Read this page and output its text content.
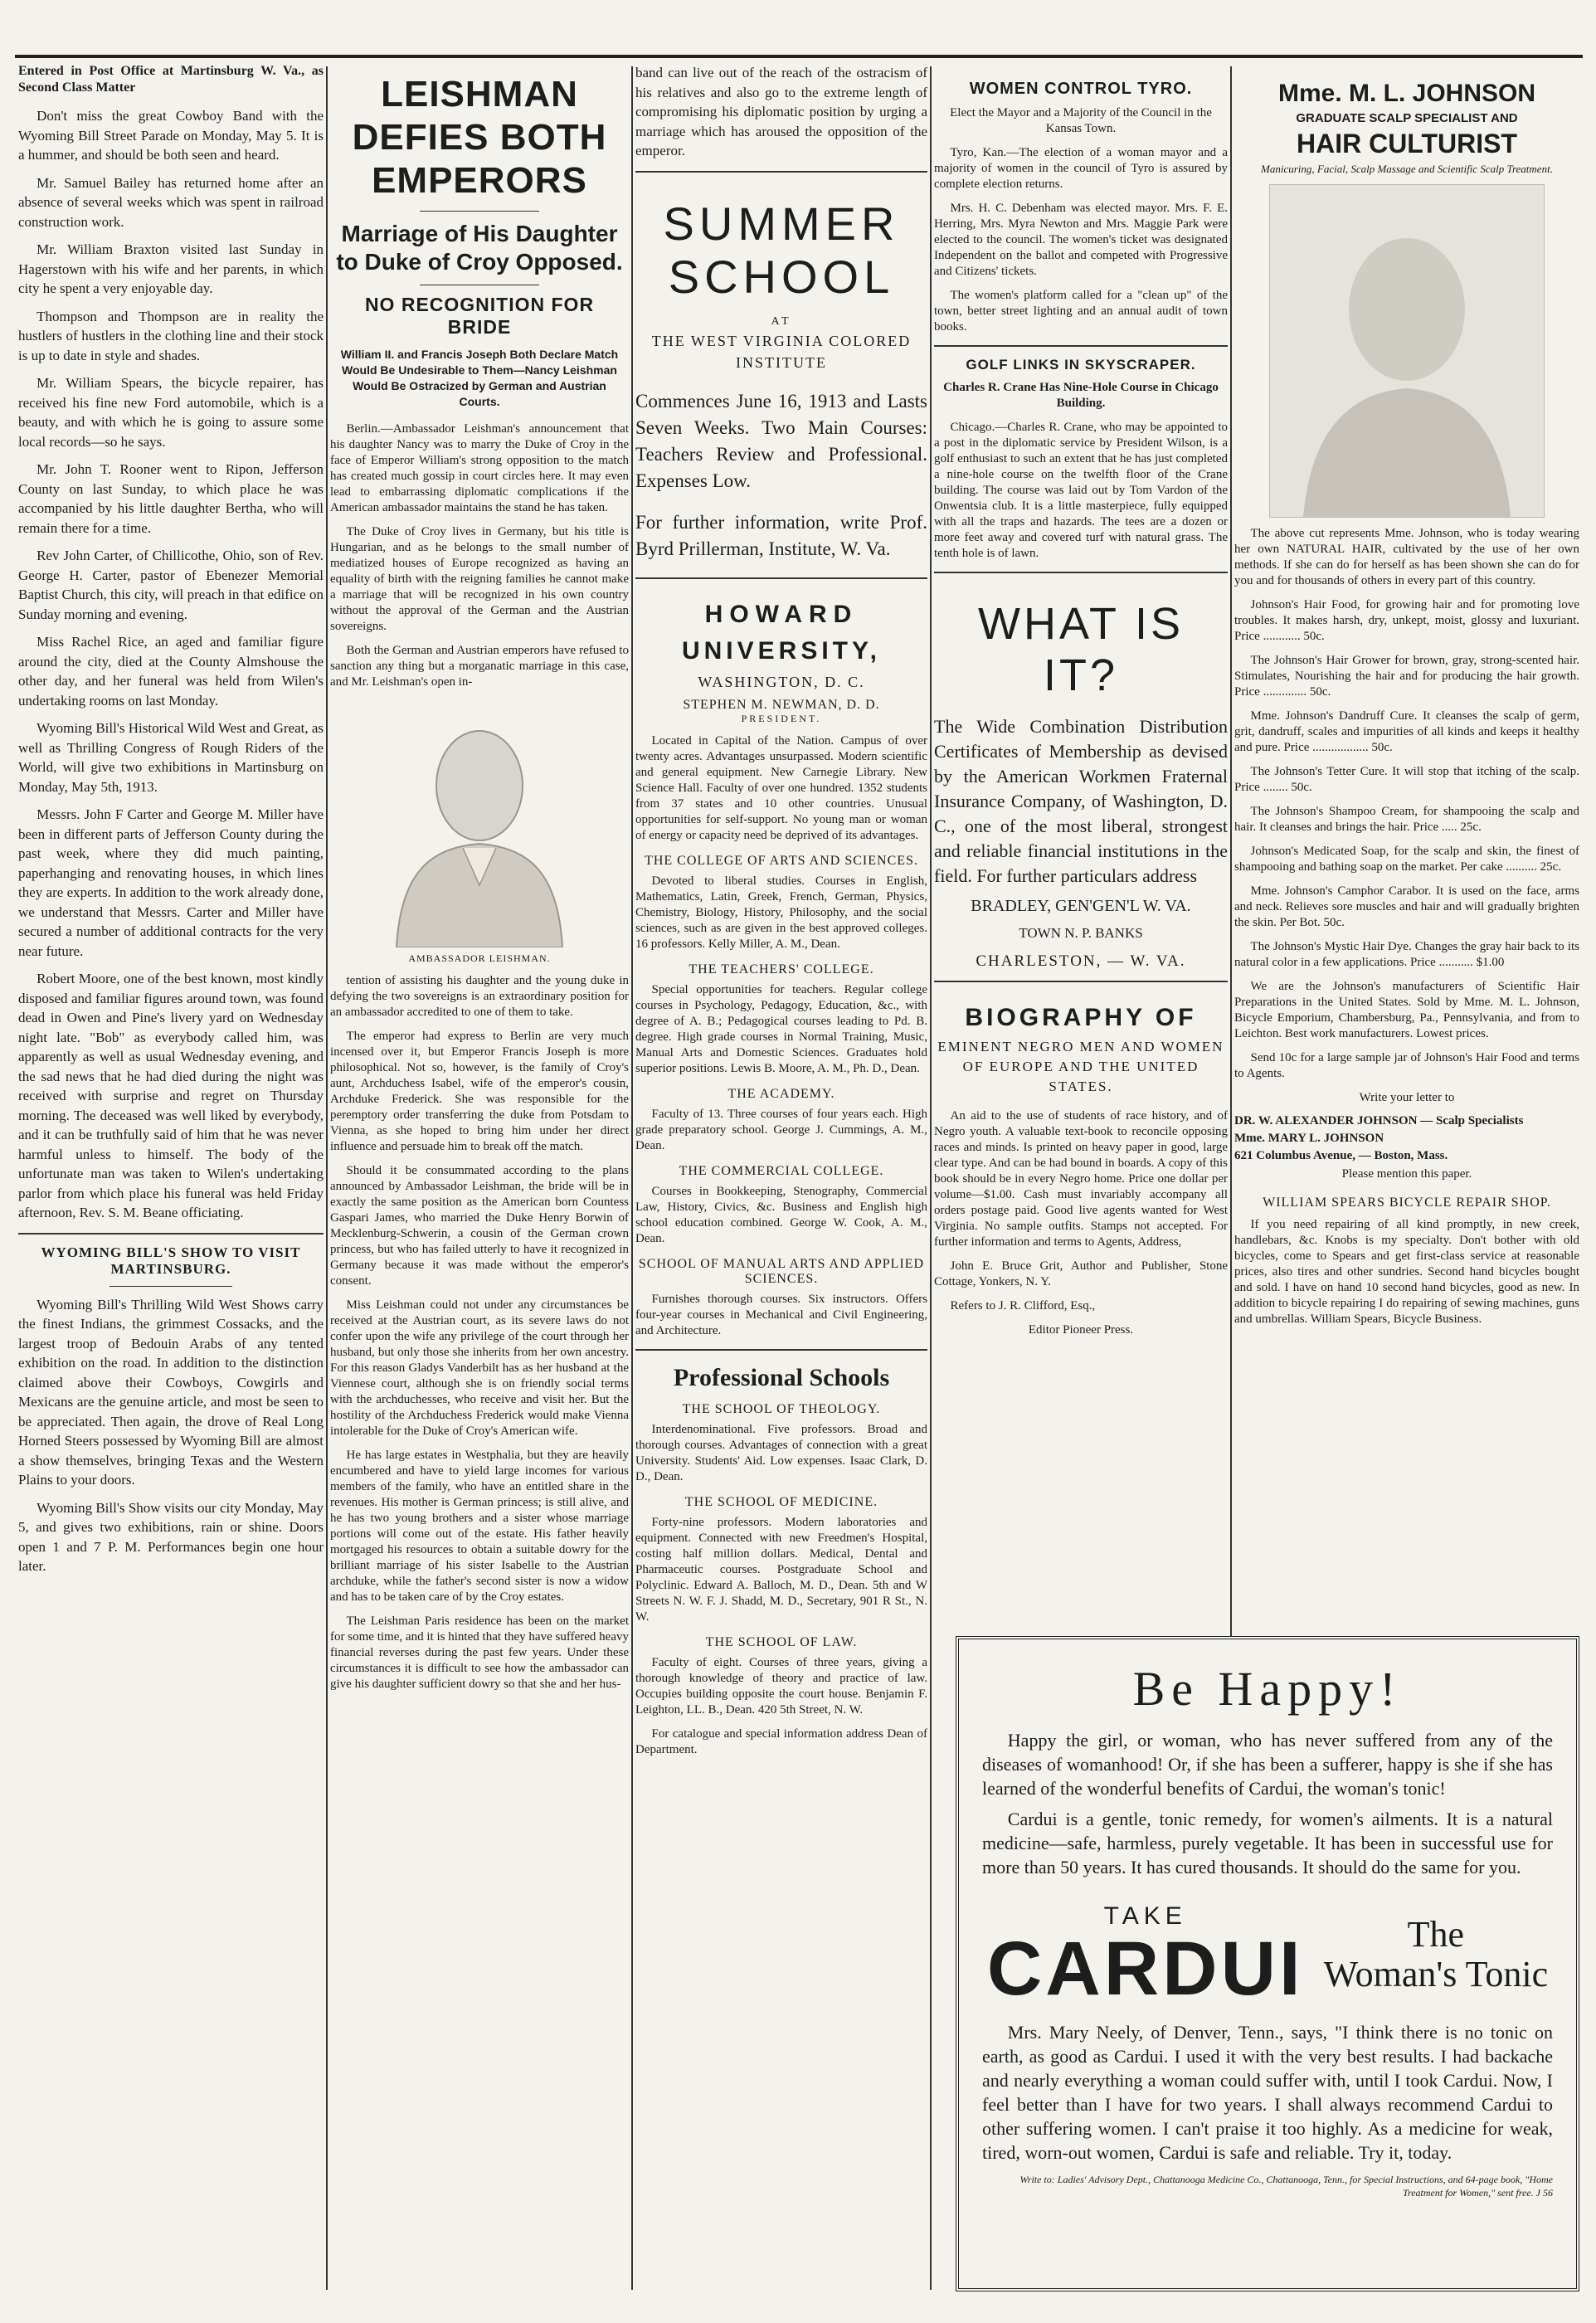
Entered in Post Office at Martinsburg W. Va., as Second Class Matter

Don't miss the great Cowboy Band with the Wyoming Bill Street Parade on Monday, May 5. It is a hummer, and should be both seen and heard.

Mr. Samuel Bailey has returned home after an absence of several weeks which was spent in railroad construction work.

Mr. William Braxton visited last Sunday in Hagerstown with his wife and her parents, in which city he spent a very enjoyable day.

Thompson and Thompson are in reality the hustlers of hustlers in the clothing line and their stock is up to date in style and shades.

Mr. William Spears, the bicycle repairer, has received his fine new Ford automobile, which is a beauty, and with which he is going to assure some local records—so he says.

Mr. John T. Rooner went to Ripon, Jefferson County on last Sunday, to which place he was accompanied by his little daughter Bertha, who will remain there for a time.

Rev John Carter, of Chillicothe, Ohio, son of Rev. George H. Carter, pastor of Ebenezer Memorial Baptist Church, this city, will preach in that edifice on Sunday morning and evening.

Miss Rachel Rice, an aged and familiar figure around the city, died at the County Almshouse the other day, and her funeral was held from Wilen's undertaking rooms on last Monday.

Wyoming Bill's Historical Wild West and Great, as well as Thrilling Congress of Rough Riders of the World, will give two exhibitions in Martinsburg on Monday, May 5th, 1913.

Messrs. John F Carter and George M. Miller have been in different parts of Jefferson County during the past week, where they did much painting, paperhanging and renovating houses, in which lines they are experts. In addition to the work already done, we understand that Messrs. Carter and Miller have secured a number of additional contracts for the very near future.

Robert Moore, one of the best known, most kindly disposed and familiar figures around town, was found dead in Owen and Pine's livery yard on Wednesday night late. "Bob" as everybody called him, was apparently as well as usual Wednesday evening, and the sad news that he had died during the night was received with surprise and regret on Thursday morning. The deceased was well liked by everybody, and it can be truthfully said of him that he was never harmful unless to himself. The body of the unfortunate man was taken to Wilen's undertaking parlor from which place his funeral was held Friday afternoon, Rev. S. M. Beane officiating.

WYOMING BILL'S SHOW TO VISIT MARTINSBURG.

Wyoming Bill's Thrilling Wild West Shows carry the finest Indians, the grimmest Cossacks, and the largest troop of Bedouin Arabs of any tented exhibition on the road. In addition to the distinction claimed above their Cowboys, Cowgirls and Mexicans are the genuine article, and most be seen to be appreciated. Then again, the drove of Real Long Horned Steers possessed by Wyoming Bill are almost a show themselves, bringing Texas and the Western Plains to your doors.

Wyoming Bill's Show visits our city Monday, May 5, and gives two exhibitions, rain or shine. Doors open 1 and 7 P. M. Performances begin one hour later.

LEISHMAN DEFIES BOTH EMPERORS
Marriage of His Daughter to Duke of Croy Opposed.
NO RECOGNITION FOR BRIDE
William II. and Francis Joseph Both Declare Match Would Be Undesirable to Them—Nancy Leishman Would Be Ostracized by German and Austrian Courts.

Berlin.—Ambassador Leishman's announcement that his daughter Nancy was to marry the Duke of Croy in the face of Emperor William's strong opposition to the match has created much gossip in court circles here. It may even lead to embarrassing diplomatic complications if the American ambassador maintains the stand he has taken.

The Duke of Croy lives in Germany, but his title is Hungarian, and as he belongs to the small number of mediatized houses of Europe recognized as having an equality of birth with the reigning families he cannot make a marriage that will be recognized in his own country without the approval of the German and the Austrian sovereigns.

Both the German and Austrian emperors have refused to sanction any thing but a morganatic marriage in this case, and Mr. Leishman's open in-

AMBASSADOR LEISHMAN.

tention of assisting his daughter and the young duke in defying the two sovereigns is an extraordinary position for an ambassador accredited to one of them to take.

The emperor had express to Berlin are very much incensed over it, but Emperor Francis Joseph is more philosophical. Not so, however, is the family of Croy's aunt, Archduchess Isabel, wife of the emperor's cousin, Archduke Frederick. She was responsible for the peremptory order transferring the duke from Potsdam to Vienna, as she hoped to bring him under her direct influence and persuade him to break off the match.

Should it be consummated according to the plans announced by Ambassador Leishman, the bride will be in exactly the same position as the American born Countess Gaspari James, who married the Duke Henry Borwin of Mecklenburg-Schwerin, a cousin of the German crown princess, but who has failed utterly to have it recognized in Germany because it was made without the emperor's consent.

Miss Leishman could not under any circumstances be received at the Austrian court, as its severe laws do not confer upon the wife any privilege of the court through her husband, but only those she inherits from her own ancestry. For this reason Gladys Vanderbilt has as her husband at the Viennese court, although she is on friendly social terms with the archduchesses, who receive and visit her. But the hostility of the Archduchess Frederick would make Vienna intolerable for the Duke of Croy's American wife.

He has large estates in Westphalia, but they are heavily encumbered and have to yield large incomes for various members of the family, who have an entitled share in the revenues. His mother is German princess; is still alive, and he has two young brothers and a sister whose marriage portions will come out of the estate. His father heavily mortgaged his resources to obtain a suitable dowry for the brilliant marriage of his sister Isabelle to the Austrian archduke, while the father's second sister is now a widow and has to be taken care of by the Croy estates.

The Leishman Paris residence has been on the market for some time, and it is hinted that they have suffered heavy financial reverses during the past few years. Under these circumstances it is difficult to see how the ambassador can give his daughter sufficient dowry so that she and her hus-

band can live out of the reach of the ostracism of his relatives and also go to the extreme length of compromising his diplomatic position by urging a marriage which has aroused the opposition of the emperor.

SUMMER SCHOOL
AT
THE WEST VIRGINIA COLORED INSTITUTE

Commences June 16, 1913 and Lasts Seven Weeks. Two Main Courses: Teachers Review and Professional. Expenses Low.

For further information, write Prof. Byrd Prillerman, Institute, W. Va.

HOWARD
UNIVERSITY,
WASHINGTON, D. C.
STEPHEN M. NEWMAN, D. D.
PRESIDENT.

Located in Capital of the Nation. Campus of over twenty acres. Advantages unsurpassed. Modern scientific and general equipment. New Carnegie Library. New Science Hall. Faculty of over one hundred. 1352 students from 37 states and 10 other countries. Unusual opportunities for self-support. No young man or woman of energy or capacity need be deprived of its advantages.

THE COLLEGE OF ARTS AND SCIENCES.

Devoted to liberal studies. Courses in English, Mathematics, Latin, Greek, French, German, Physics, Chemistry, Biology, History, Philosophy, and the social sciences, such as are given in the best approved colleges. 16 professors. Kelly Miller, A. M., Dean.

THE TEACHERS' COLLEGE.

Special opportunities for teachers. Regular college courses in Psychology, Pedagogy, Education, &c., with degree of A. B.; Pedagogical courses leading to Pd. B. degree. High grade courses in Normal Training, Music, Manual Arts and Domestic Sciences. Graduates hold superior positions. Lewis B. Moore, A. M., Ph. D., Dean.

THE ACADEMY.

Faculty of 13. Three courses of four years each. High grade preparatory school. George J. Cummings, A. M., Dean.

THE COMMERCIAL COLLEGE.

Courses in Bookkeeping, Stenography, Commercial Law, History, Civics, &c. Business and English high school education combined. George W. Cook, A. M., Dean.

SCHOOL OF MANUAL ARTS AND APPLIED SCIENCES.

Furnishes thorough courses. Six instructors. Offers four-year courses in Mechanical and Civil Engineering, and Architecture.

Professional Schools
THE SCHOOL OF THEOLOGY.

Interdenominational. Five professors. Broad and thorough courses. Advantages of connection with a great University. Students' Aid. Low expenses. Isaac Clark, D. D., Dean.

THE SCHOOL OF MEDICINE.

Forty-nine professors. Modern laboratories and equipment. Connected with new Freedmen's Hospital, costing half million dollars. Medical, Dental and Pharmaceutic courses. Postgraduate School and Polyclinic. Edward A. Balloch, M. D., Dean. 5th and W Streets N. W. F. J. Shadd, M. D., Secretary, 901 R St., N. W.

THE SCHOOL OF LAW.

Faculty of eight. Courses of three years, giving a thorough knowledge of theory and practice of law. Occupies building opposite the court house. Benjamin F. Leighton, LL. B., Dean. 420 5th Street, N. W.

For catalogue and special information address Dean of Department.

WOMEN CONTROL TYRO.

Elect the Mayor and a Majority of the Council in the Kansas Town.

Tyro, Kan.—The election of a woman mayor and a majority of women in the council of Tyro is assured by complete election returns.

Mrs. H. C. Debenham was elected mayor. Mrs. F. E. Herring, Mrs. Myra Newton and Mrs. Maggie Park were elected to the council. The women's ticket was designated Independent on the ballot and competed with Progressive and Citizens' tickets.

The women's platform called for a "clean up" of the town, better street lighting and an annual audit of town books.

GOLF LINKS IN SKYSCRAPER.

Charles R. Crane Has Nine-Hole Course in Chicago Building.

Chicago.—Charles R. Crane, who may be appointed to a post in the diplomatic service by President Wilson, is a golf enthusiast to such an extent that he has just completed a nine-hole course on the twelfth floor of the Crane building. The course was laid out by Tom Vardon of the Onwentsia club. It is a little masterpiece, fully equipped with all the traps and hazards. The tees are a dozen or more feet away and covered turf with natural grass. The tenth hole is of lawn.

WHAT IS IT?

The Wide Combination Distribution Certificates of Membership as devised by the American Workmen Fraternal Insurance Company, of Washington, D. C., one of the most liberal, strongest and reliable financial institutions in the field. For further particulars address

BRADLEY, GEN'GEN'L W. VA.

TOWN N. P. BANKS

CHARLESTON, — W. VA.

BIOGRAPHY OF
EMINENT NEGRO MEN AND WOMEN OF EUROPE AND THE UNITED STATES.

An aid to the use of students of race history, and of Negro youth. A valuable text-book to reconcile opposing races and minds. Is printed on heavy paper in good, large clear type. And can be had bound in boards. A copy of this book should be in every Negro home. Price one dollar per volume—$1.00. Cash must invariably accompany all orders postage paid. Good live agents wanted for West Virginia. No sample outfits. Stamps not accepted. For further information and terms to Agents, Address,

John E. Bruce Grit, Author and Publisher, Stone Cottage, Yonkers, N. Y.

Refers to J. R. Clifford, Esq.,

Editor Pioneer Press.

Mme. M. L. JOHNSON
GRADUATE SCALP SPECIALIST AND
HAIR CULTURIST
Manicuring, Facial, Scalp Massage and Scientific Scalp Treatment.

The above cut represents Mme. Johnson, who is today wearing her own NATURAL HAIR, cultivated by the use of her own methods. If she can do for herself as has been shown she can do for you and for thousands of others in every part of this country.

Johnson's Hair Food, for growing hair and for promoting love troubles. It makes harsh, dry, unkept, moist, glossy and luxuriant. Price ............ 50c.

The Johnson's Hair Grower for brown, gray, strong-scented hair. Stimulates, Nourishing the hair and for producing the hair growth. Price .............. 50c.

Mme. Johnson's Dandruff Cure. It cleanses the scalp of germ, grit, dandruff, scales and impurities of all kinds and keeps it healthy and pure. Price .................. 50c.

The Johnson's Tetter Cure. It will stop that itching of the scalp. Price ........ 50c.

The Johnson's Shampoo Cream, for shampooing the scalp and hair. It cleanses and brings the hair. Price ..... 25c.

Johnson's Medicated Soap, for the scalp and skin, the finest of shampooing and bathing soap on the market. Per cake .......... 25c.

Mme. Johnson's Camphor Carabor. It is used on the face, arms and neck. Relieves sore muscles and hair and will gradually brighten the skin. Per Bot. 50c.

The Johnson's Mystic Hair Dye. Changes the gray hair back to its natural color in a few applications. Price ........... $1.00

We are the Johnson's manufacturers of Scientific Hair Preparations in the United States. Sold by Mme. M. L. Johnson, Bicycle Emporium, Chambersburg, Pa., Pennsylvania, and from to Leichton. Best work manufacturers. Lowest prices.

Send 10c for a large sample jar of Johnson's Hair Food and terms to Agents.

Write your letter to

DR. W. ALEXANDER JOHNSON — Scalp Specialists
Mme. MARY L. JOHNSON
621 Columbus Avenue, — Boston, Mass.

Please mention this paper.

WILLIAM SPEARS BICYCLE REPAIR SHOP.

If you need repairing of all kind promptly, in new creek, handlebars, &c. Knobs is my specialty. Don't bother with old bicycles, come to Spears and get first-class service at reasonable prices, also tires and other sundries. Second hand bicycles bought and sold. I have on hand 10 second hand bicycles, good as new. In addition to bicycle repairing I do repairing of sewing machines, guns and umbrellas. William Spears, Bicycle Business.

Be Happy!

Happy the girl, or woman, who has never suffered from any of the diseases of womanhood! Or, if she has been a sufferer, happy is she if she has learned of the wonderful benefits of Cardui, the woman's tonic!

Cardui is a gentle, tonic remedy, for women's ailments. It is a natural medicine—safe, harmless, purely vegetable. It has been in successful use for more than 50 years. It has cured thousands. It should do the same for you.

TAKE
CARDUI	The
Woman's Tonic

Mrs. Mary Neely, of Denver, Tenn., says, "I think there is no tonic on earth, as good as Cardui. I used it with the very best results. I had backache and nearly everything a woman could suffer with, until I took Cardui. Now, I feel better than I have for two years. I shall always recommend Cardui to other suffering women. I can't praise it too highly. As a medicine for weak, tired, worn-out women, Cardui is safe and reliable. Try it, today.

Write to: Ladies' Advisory Dept., Chattanooga Medicine Co., Chattanooga, Tenn., for Special Instructions, and 64-page book, "Home Treatment for Women," sent free. J 56
